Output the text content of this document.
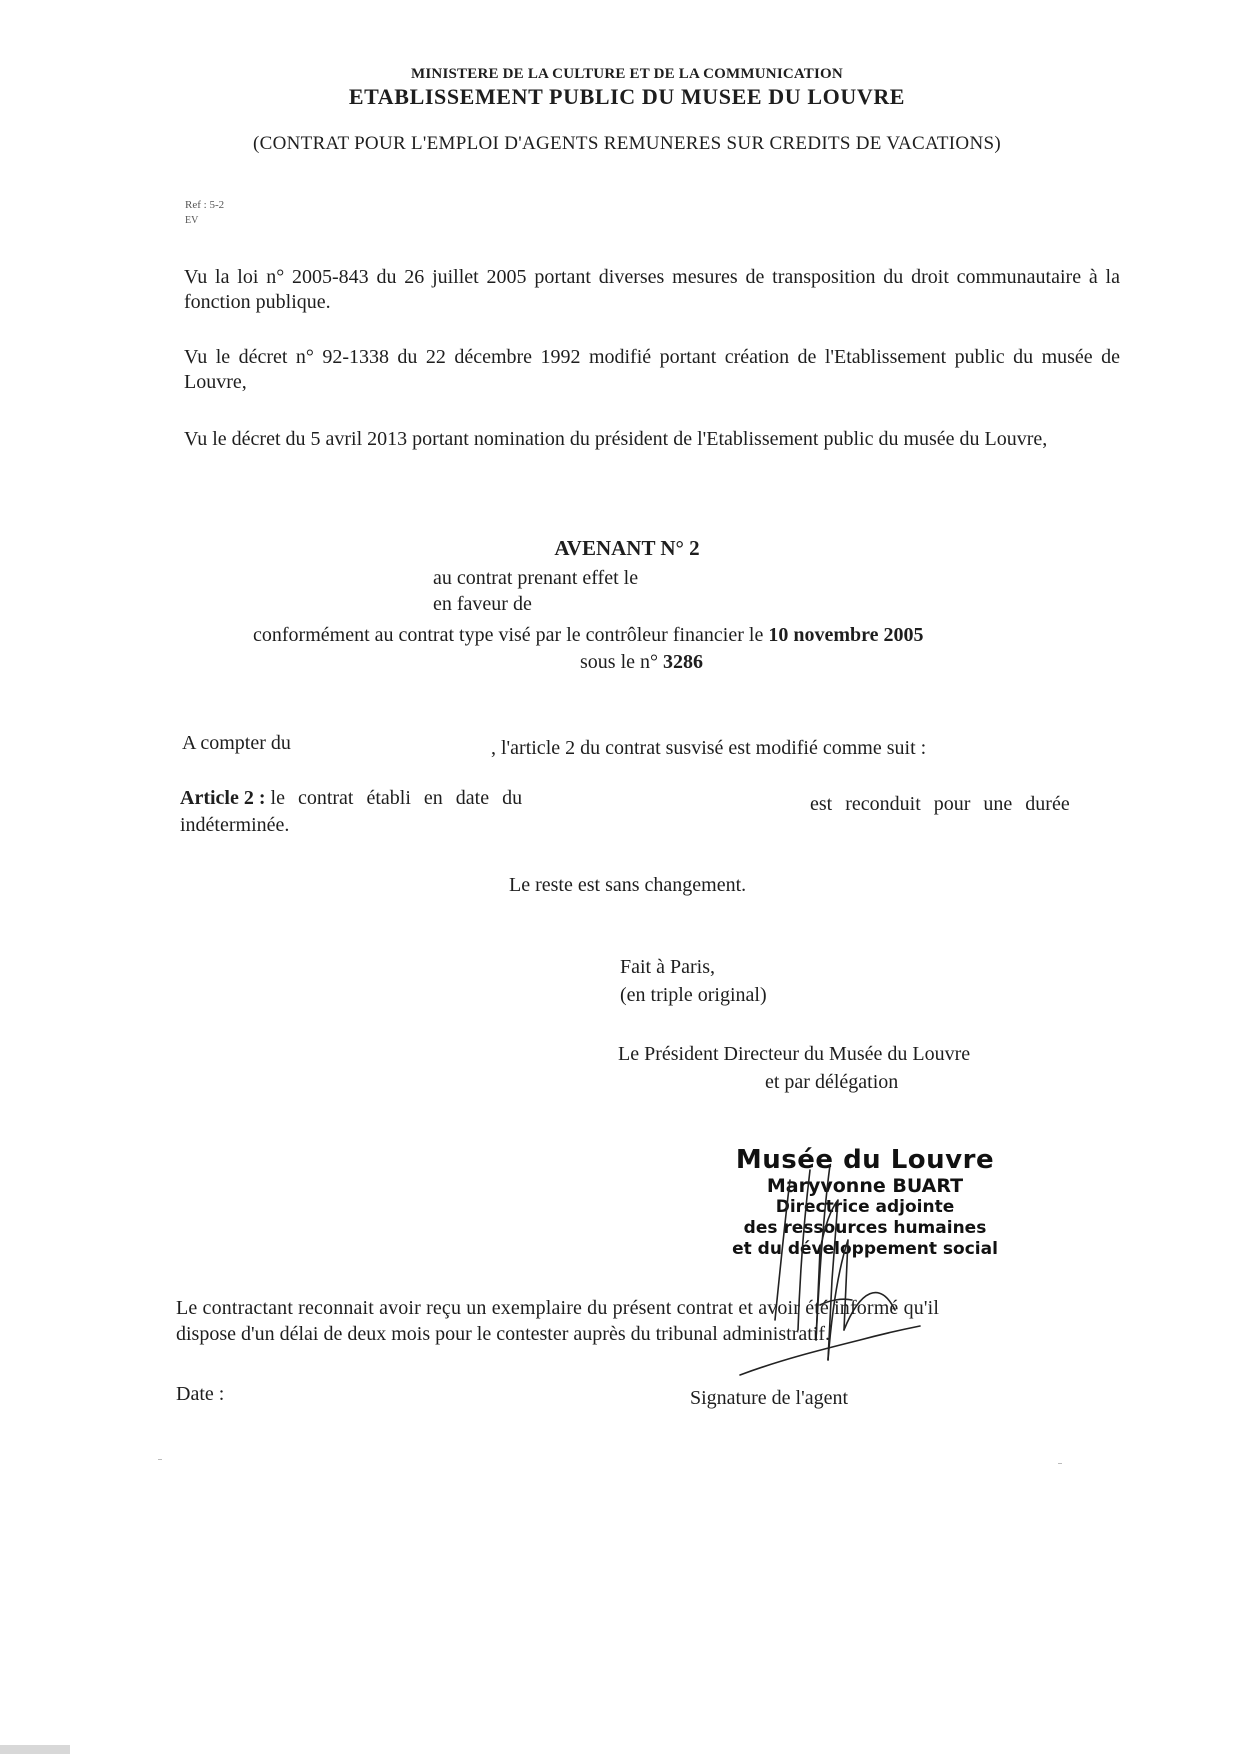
MINISTERE DE LA CULTURE ET DE LA COMMUNICATION
ETABLISSEMENT PUBLIC DU MUSEE DU LOUVRE
(CONTRAT POUR L'EMPLOI D'AGENTS REMUNERES SUR CREDITS DE VACATIONS)
Ref : 5-2
EV

Vu la loi n° 2005-843 du 26 juillet 2005 portant diverses mesures de transposition du droit communautaire à la fonction publique.

Vu le décret n° 92-1338 du 22 décembre 1992 modifié portant création de l'Etablissement public du musée de Louvre,

Vu le décret du 5 avril 2013 portant nomination du président de l'Etablissement public du musée du Louvre,

AVENANT N° 2
au contrat prenant effet le
en faveur de
conformément au contrat type visé par le contrôleur financier le 10 novembre 2005
sous le n° 3286
A compter du	, l'article 2 du contrat susvisé est modifié comme suit :
Article 2 : le contrat établi en date du	est reconduit pour une durée
indéterminée.
Le reste est sans changement.
Fait à Paris,
(en triple original)
Le Président Directeur du Musée du Louvre
et par délégation
Musée du Louvre
Maryvonne BUART
Directrice adjointe
des ressources humaines
et du développement social
Le contractant reconnait avoir reçu un exemplaire du présent contrat et avoir été informé qu'il
dispose d'un délai de deux mois pour le contester auprès du tribunal administratif.
Date :	Signature de l'agent
